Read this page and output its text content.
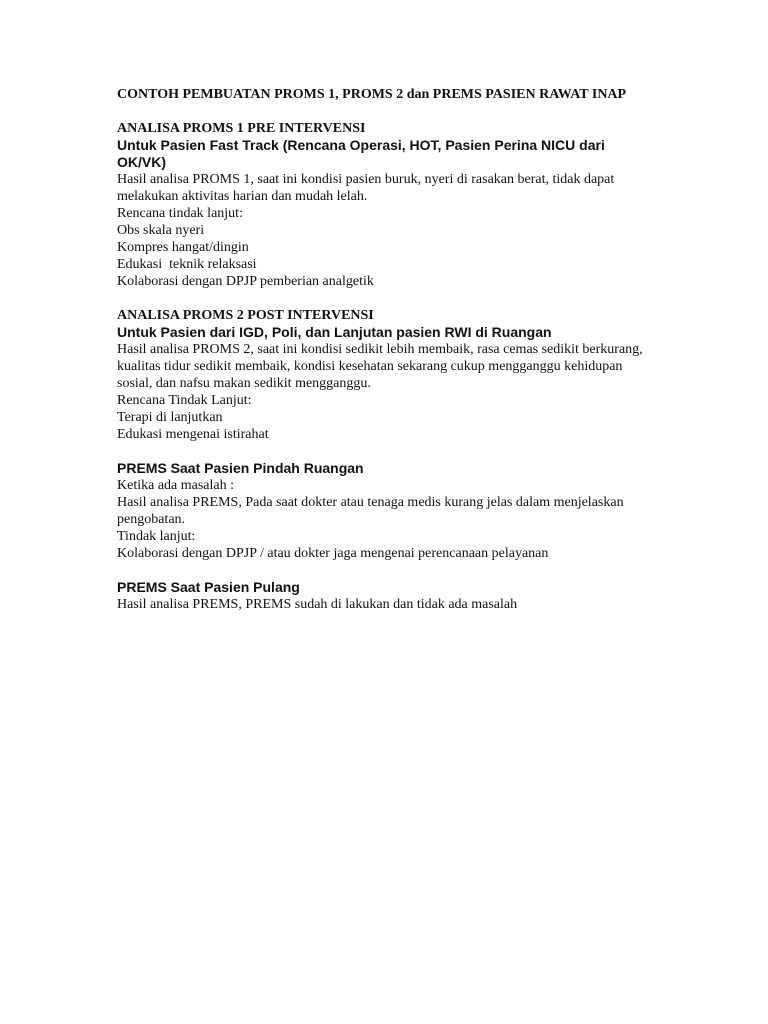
CONTOH PEMBUATAN PROMS 1, PROMS 2 dan PREMS PASIEN RAWAT INAP
ANALISA PROMS 1 PRE INTERVENSI
Untuk Pasien Fast Track (Rencana Operasi, HOT, Pasien Perina NICU dari OK/VK)
Hasil analisa PROMS 1, saat ini kondisi pasien buruk, nyeri di rasakan berat, tidak dapat melakukan aktivitas harian dan mudah lelah.
Rencana tindak lanjut:
Obs skala nyeri
Kompres hangat/dingin
Edukasi  teknik relaksasi
Kolaborasi dengan DPJP pemberian analgetik
ANALISA PROMS 2 POST INTERVENSI
Untuk Pasien dari IGD, Poli, dan Lanjutan pasien RWI di Ruangan
Hasil analisa PROMS 2, saat ini kondisi sedikit lebih membaik, rasa cemas sedikit berkurang, kualitas tidur sedikit membaik, kondisi kesehatan sekarang cukup mengganggu kehidupan sosial, dan nafsu makan sedikit mengganggu.
Rencana Tindak Lanjut:
Terapi di lanjutkan
Edukasi mengenai istirahat
PREMS Saat Pasien Pindah Ruangan
Ketika ada masalah :
Hasil analisa PREMS, Pada saat dokter atau tenaga medis kurang jelas dalam menjelaskan pengobatan.
Tindak lanjut:
Kolaborasi dengan DPJP / atau dokter jaga mengenai perencanaan pelayanan
PREMS Saat Pasien Pulang
Hasil analisa PREMS, PREMS sudah di lakukan dan tidak ada masalah
